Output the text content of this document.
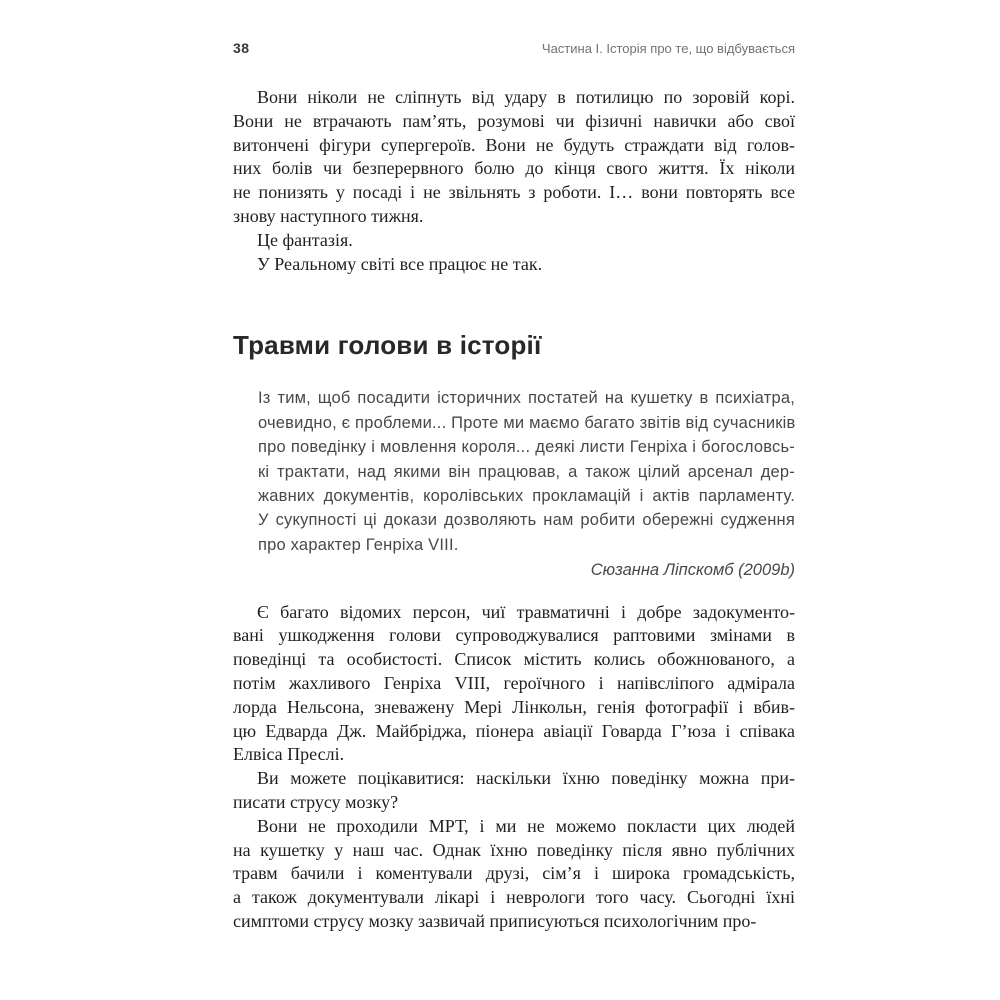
38	Частина I. Історія про те, що відбувається
Вони ніколи не сліпнуть від удару в потилицю по зоровій корі.
Вони не втрачають пам’ять, розумові чи фізичні навички або свої
витончені фігури супергероїв. Вони не будуть страждати від голов-
них болів чи безперервного болю до кінця свого життя. Їх ніколи
не понизять у посаді і не звільнять з роботи. І… вони повторять все
знову наступного тижня.
Це фантазія.
У Реальному світі все працює не так.
Травми голови в історії
Із тим, щоб посадити історичних постатей на кушетку в психіатра,
очевидно, є проблеми... Проте ми маємо багато звітів від сучасників
про поведінку і мовлення короля... деякі листи Генріха і богословсь-
кі трактати, над якими він працював, а також цілий арсенал дер-
жавних документів, королівських прокламацій і актів парламенту.
У сукупності ці докази дозволяють нам робити обережні судження
про характер Генріха VIII.
Сюзанна Ліпскомб (2009b)
Є багато відомих персон, чиї травматичні і добре задокументо-
вані ушкодження голови супроводжувалися раптовими змінами в
поведінці та особистості. Список містить колись обожнюваного, а
потім жахливого Генріха VIII, героїчного і напівсліпого адмірала
лорда Нельсона, зневажену Мері Лінкольн, генія фотографії і вбив-
цю Едварда Дж. Майбріджа, піонера авіації Говарда Г’юза і співака
Елвіса Преслі.
Ви можете поцікавитися: наскільки їхню поведінку можна при-
писати струсу мозку?
Вони не проходили МРТ, і ми не можемо покласти цих людей
на кушетку у наш час. Однак їхню поведінку після явно публічних
травм бачили і коментували друзі, сім’я і широка громадськість,
а також документували лікарі і неврологи того часу. Сьогодні їхні
симптоми струсу мозку зазвичай приписуються психологічним про-
